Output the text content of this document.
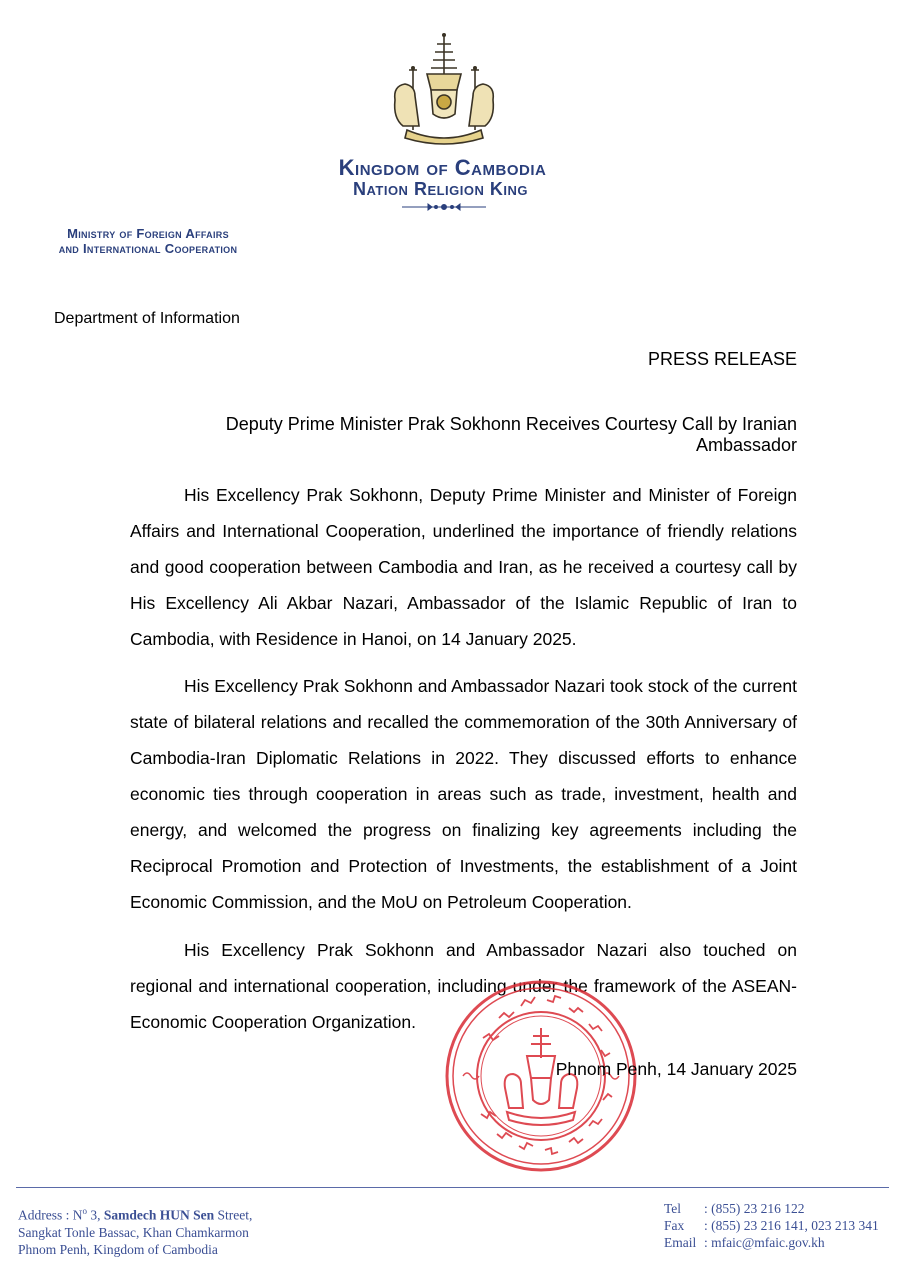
Kingdom of Cambodia
Nation Religion King
Ministry of Foreign Affairs
and International Cooperation
Department of Information
PRESS RELEASE
Deputy Prime Minister Prak Sokhonn Receives Courtesy Call by Iranian Ambassador

His Excellency Prak Sokhonn, Deputy Prime Minister and Minister of Foreign Affairs and International Cooperation, underlined the importance of friendly relations and good cooperation between Cambodia and Iran, as he received a courtesy call by His Excellency Ali Akbar Nazari, Ambassador of the Islamic Republic of Iran to Cambodia, with Residence in Hanoi, on 14 January 2025.

His Excellency Prak Sokhonn and Ambassador Nazari took stock of the current state of bilateral relations and recalled the commemoration of the 30th Anniversary of Cambodia-Iran Diplomatic Relations in 2022. They discussed efforts to enhance economic ties through cooperation in areas such as trade, investment, health and energy, and welcomed the progress on finalizing key agreements including the Reciprocal Promotion and Protection of Investments, the establishment of a Joint Economic Commission, and the MoU on Petroleum Cooperation.

His Excellency Prak Sokhonn and Ambassador Nazari also touched on regional and international cooperation, including under the framework of the ASEAN-Economic Cooperation Organization.

Phnom Penh, 14 January 2025
Address : $N^o$ 3, Samdech HUN Sen Street,
Sangkat Tonle Bassac, Khan Chamkarmon
Phnom Penh, Kingdom of Cambodia
Tel : (855) 23 216 122
Fax : (855) 23 216 141, 023 213 341
Email : mfaic@mfaic.gov.kh
